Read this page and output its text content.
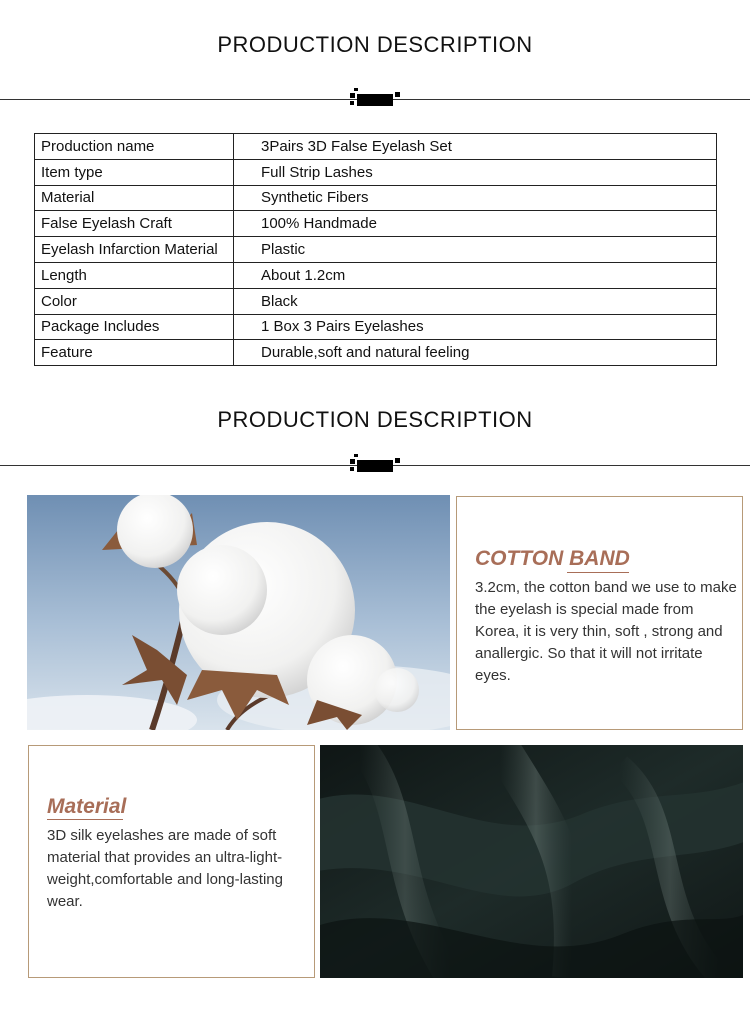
PRODUCTION DESCRIPTION
Production name	3Pairs 3D False Eyelash Set
Item type	Full Strip Lashes
Material	Synthetic Fibers
False Eyelash Craft	100% Handmade
Eyelash Infarction Material	Plastic
Length	About 1.2cm
Color	Black
Package Includes	1 Box 3 Pairs Eyelashes
Feature	Durable,soft and natural feeling
PRODUCTION DESCRIPTION
COTTON BAND
3.2cm, the cotton band we use to make the eyelash is special made from Korea, it is very thin, soft , strong and anallergic. So that it will not irritate eyes.
Material
3D silk eyelashes are made of soft material that provides an ultra-light-weight,comfortable and long-lasting wear.
